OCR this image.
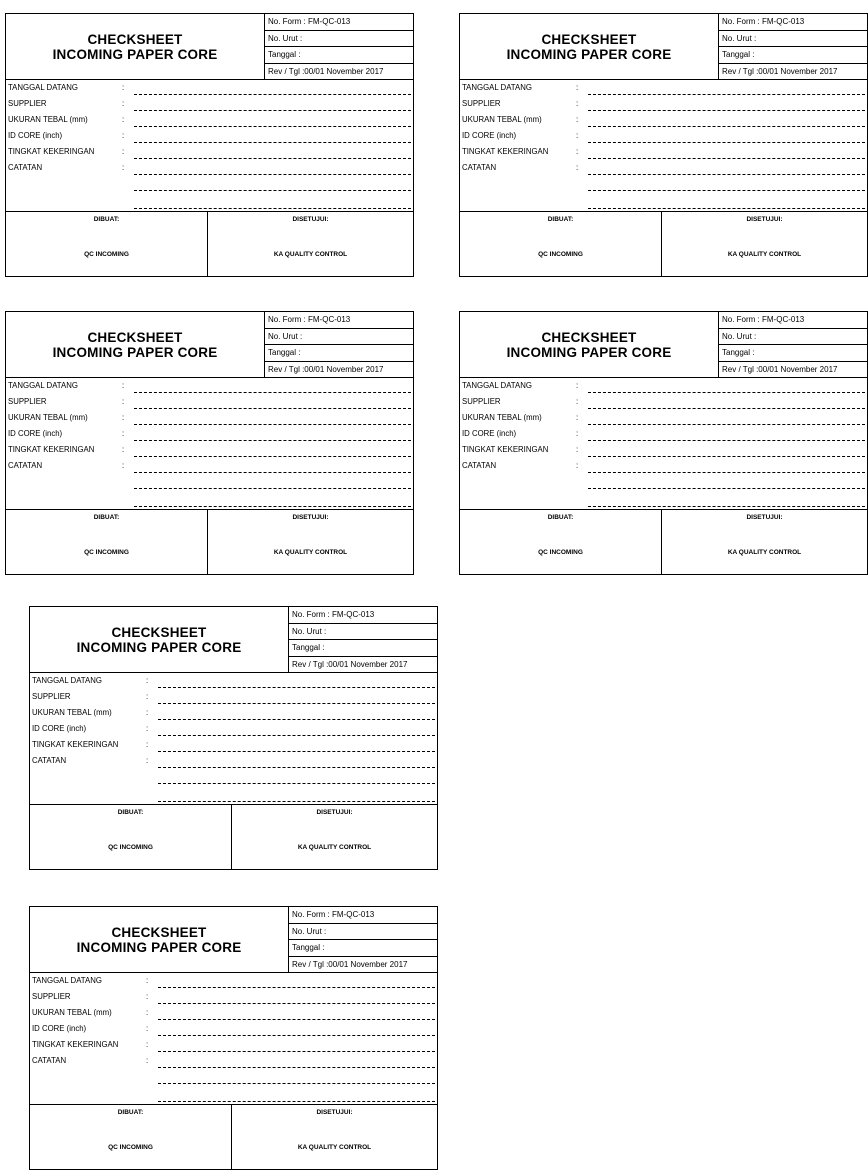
CHECKSHEET
INCOMING PAPER CORE
No. Form : FM-QC-013
No. Urut :
Tanggal :
Rev / Tgl :00/01 November 2017
TANGGAL DATANG	:
SUPPLIER	:
UKURAN TEBAL (mm)	:
ID CORE (inch)	:
TINGKAT KEKERINGAN	:
CATATAN	:
DIBUAT:
QC INCOMING
DISETUJUI:
KA QUALITY CONTROL
CHECKSHEET
INCOMING PAPER CORE
No. Form : FM-QC-013
No. Urut :
Tanggal :
Rev / Tgl :00/01 November 2017
TANGGAL DATANG	:
SUPPLIER	:
UKURAN TEBAL (mm)	:
ID CORE (inch)	:
TINGKAT KEKERINGAN	:
CATATAN	:
DIBUAT:
QC INCOMING
DISETUJUI:
KA QUALITY CONTROL
CHECKSHEET
INCOMING PAPER CORE
No. Form : FM-QC-013
No. Urut :
Tanggal :
Rev / Tgl :00/01 November 2017
TANGGAL DATANG	:
SUPPLIER	:
UKURAN TEBAL (mm)	:
ID CORE (inch)	:
TINGKAT KEKERINGAN	:
CATATAN	:
DIBUAT:
QC INCOMING
DISETUJUI:
KA QUALITY CONTROL
CHECKSHEET
INCOMING PAPER CORE
No. Form : FM-QC-013
No. Urut :
Tanggal :
Rev / Tgl :00/01 November 2017
TANGGAL DATANG	:
SUPPLIER	:
UKURAN TEBAL (mm)	:
ID CORE (inch)	:
TINGKAT KEKERINGAN	:
CATATAN	:
DIBUAT:
QC INCOMING
DISETUJUI:
KA QUALITY CONTROL
CHECKSHEET
INCOMING PAPER CORE
No. Form : FM-QC-013
No. Urut :
Tanggal :
Rev / Tgl :00/01 November 2017
TANGGAL DATANG	:
SUPPLIER	:
UKURAN TEBAL (mm)	:
ID CORE (inch)	:
TINGKAT KEKERINGAN	:
CATATAN	:
DIBUAT:
QC INCOMING
DISETUJUI:
KA QUALITY CONTROL
CHECKSHEET
INCOMING PAPER CORE
No. Form : FM-QC-013
No. Urut :
Tanggal :
Rev / Tgl :00/01 November 2017
TANGGAL DATANG	:
SUPPLIER	:
UKURAN TEBAL (mm)	:
ID CORE (inch)	:
TINGKAT KEKERINGAN	:
CATATAN	:
DIBUAT:
QC INCOMING
DISETUJUI:
KA QUALITY CONTROL
